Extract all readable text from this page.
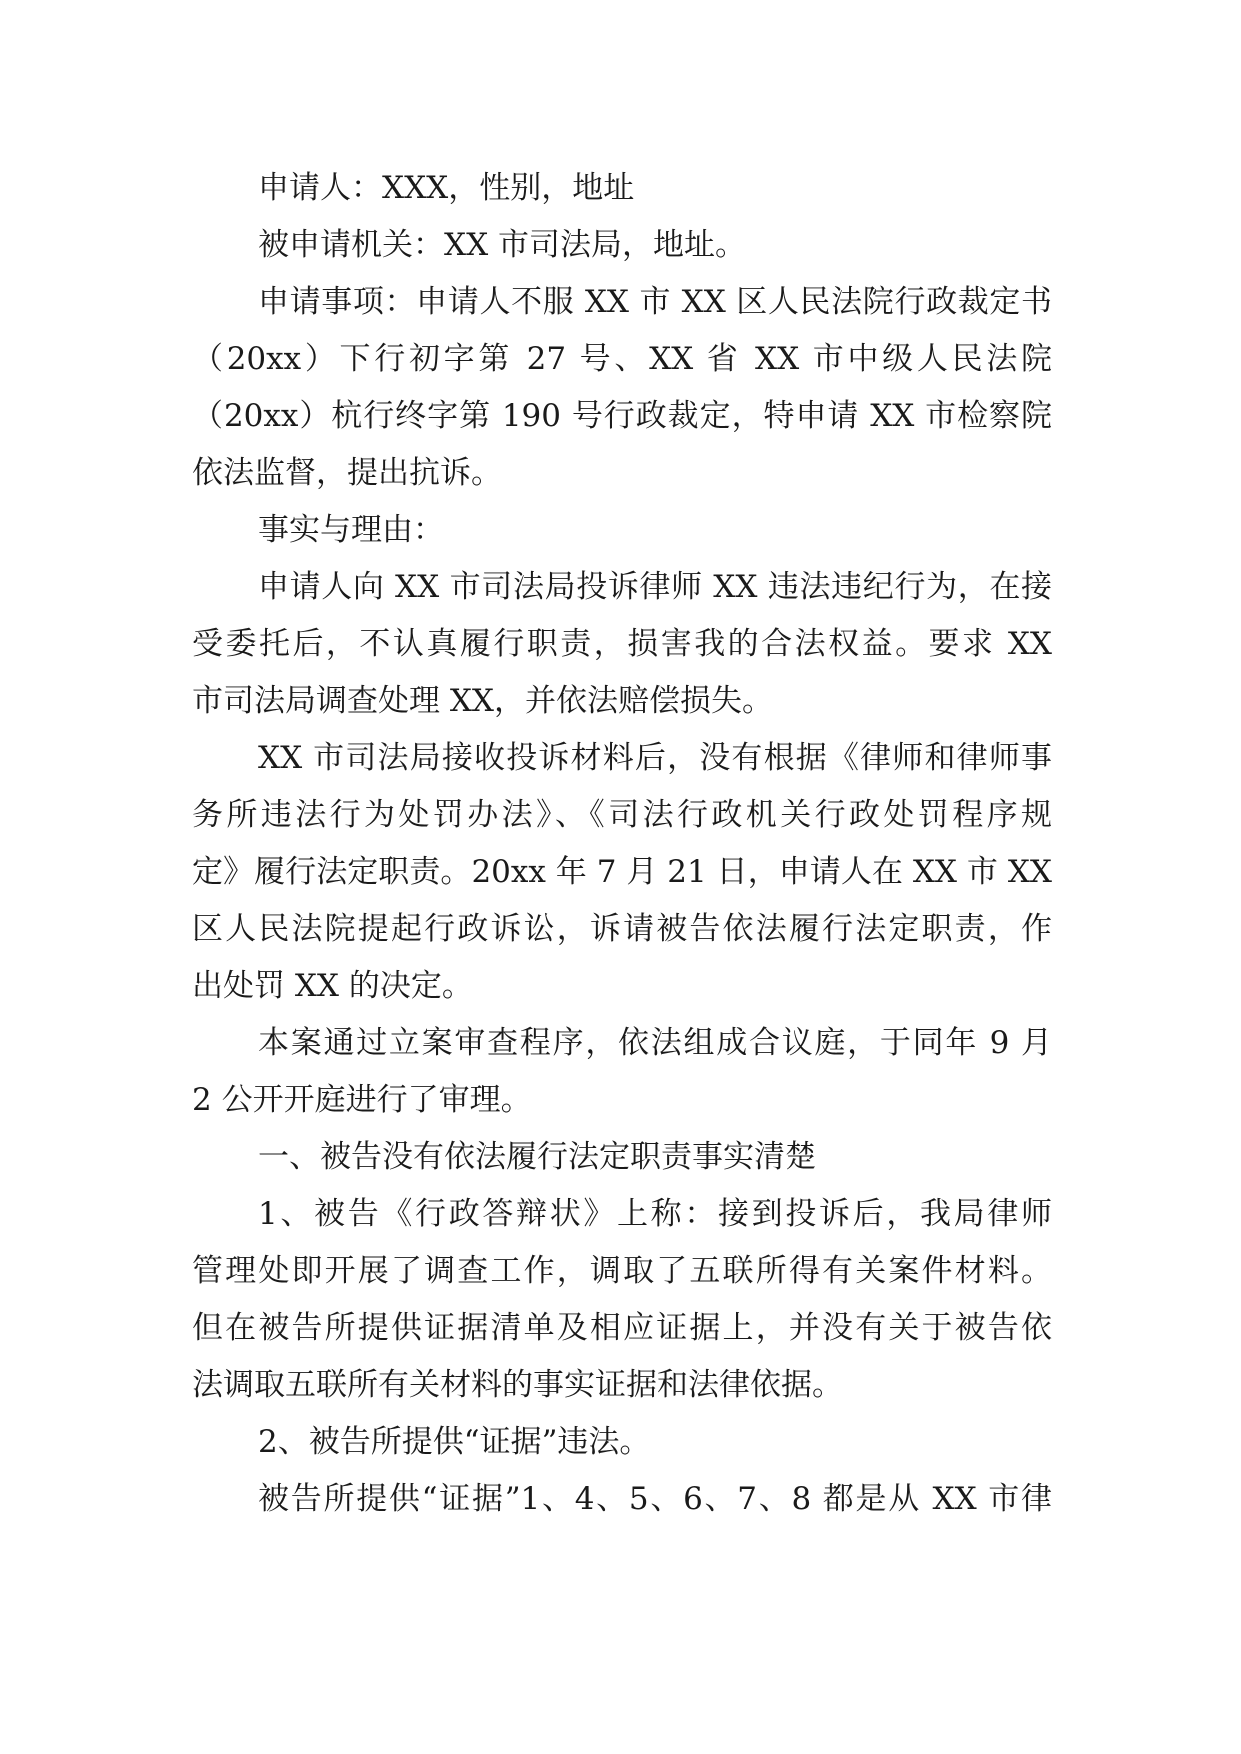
申请人：XXX，性别，地址
被申请机关：XX 市司法局，地址。
申请事项：申请人不服 XX 市 XX 区人民法院行政裁定书
（20xx）下行初字第 27 号、XX 省 XX 市中级人民法院
（20xx）杭行终字第 190 号行政裁定，特申请 XX 市检察院
依法监督，提出抗诉。
事实与理由：
申请人向 XX 市司法局投诉律师 XX 违法违纪行为，在接
受委托后，不认真履行职责，损害我的合法权益。要求 XX
市司法局调查处理 XX，并依法赔偿损失。
XX 市司法局接收投诉材料后，没有根据《律师和律师事
务所违法行为处罚办法》、《司法行政机关行政处罚程序规
定》履行法定职责。20xx 年 7 月 21 日，申请人在 XX 市 XX
区人民法院提起行政诉讼，诉请被告依法履行法定职责，作
出处罚 XX 的决定。
本案通过立案审查程序，依法组成合议庭，于同年 9 月
2 公开开庭进行了审理。
一、被告没有依法履行法定职责事实清楚
1、被告《行政答辩状》上称：接到投诉后，我局律师
管理处即开展了调查工作，调取了五联所得有关案件材料。
但在被告所提供证据清单及相应证据上，并没有关于被告依
法调取五联所有关材料的事实证据和法律依据。
2、被告所提供“证据”违法。
被告所提供“证据”1、4、5、6、7、8 都是从 XX 市律
